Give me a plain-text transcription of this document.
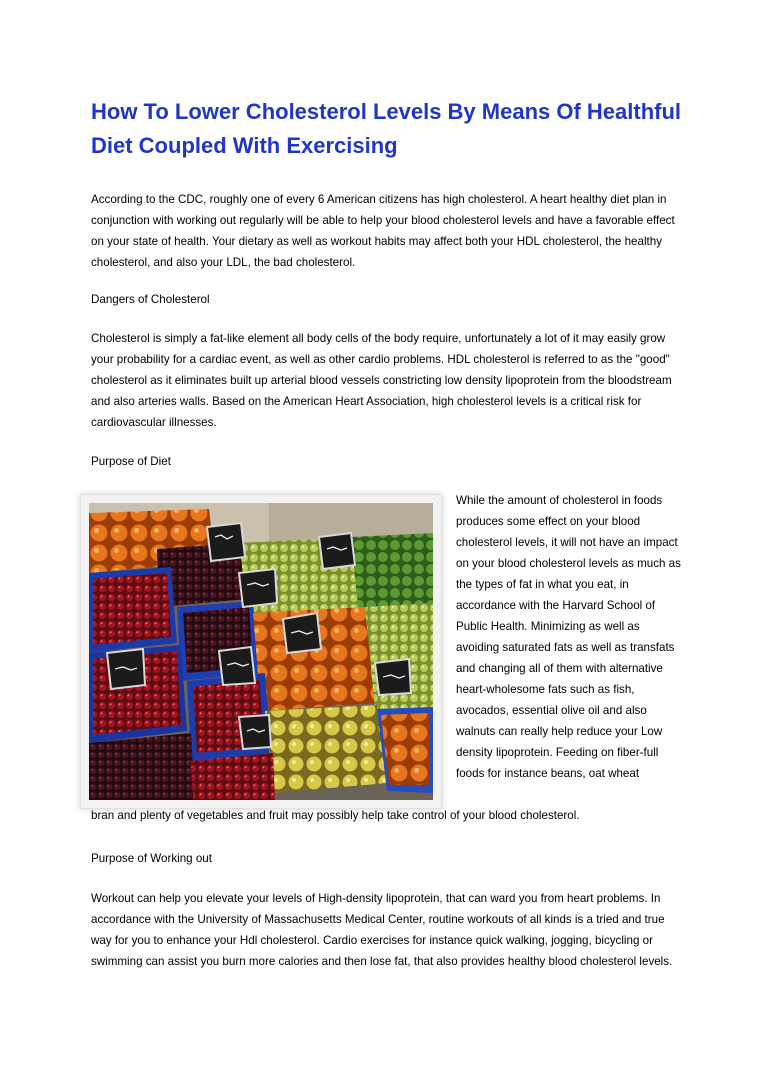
How To Lower Cholesterol Levels By Means Of Healthful Diet Coupled With Exercising

According to the CDC, roughly one of every 6 American citizens has high cholesterol. A heart healthy diet plan in conjunction with working out regularly will be able to help your blood cholesterol levels and have a favorable effect on your state of health. Your dietary as well as workout habits may affect both your HDL cholesterol, the healthy cholesterol, and also your LDL, the bad cholesterol.

Dangers of Cholesterol

Cholesterol is simply a fat-like element all body cells of the body require, unfortunately a lot of it may easily grow your probability for a cardiac event, as well as other cardio problems. HDL cholesterol is referred to as the "good" cholesterol as it eliminates built up arterial blood vessels constricting low density lipoprotein from the bloodstream and also arteries walls. Based on the American Heart Association, high cholesterol levels is a critical risk for cardiovascular illnesses.

Purpose of Diet

While the amount of cholesterol in foods produces some effect on your blood cholesterol levels, it will not have an impact on your blood cholesterol levels as much as the types of fat in what you eat, in accordance with the Harvard School of Public Health. Minimizing as well as avoiding saturated fats as well as transfats and changing all of them with alternative heart-wholesome fats such as fish, avocados, essential olive oil and also walnuts can really help reduce your Low density lipoprotein. Feeding on fiber-full foods for instance beans, oat wheat

bran and plenty of vegetables and fruit may possibly help take control of your blood cholesterol.

Purpose of Working out

Workout can help you elevate your levels of High-density lipoprotein, that can ward you from heart problems. In accordance with the University of Massachusetts Medical Center, routine workouts of all kinds is a tried and true way for you to enhance your Hdl cholesterol. Cardio exercises for instance quick walking, jogging, bicycling or swimming can assist you burn more calories and then lose fat, that also provides healthy blood cholesterol levels.
